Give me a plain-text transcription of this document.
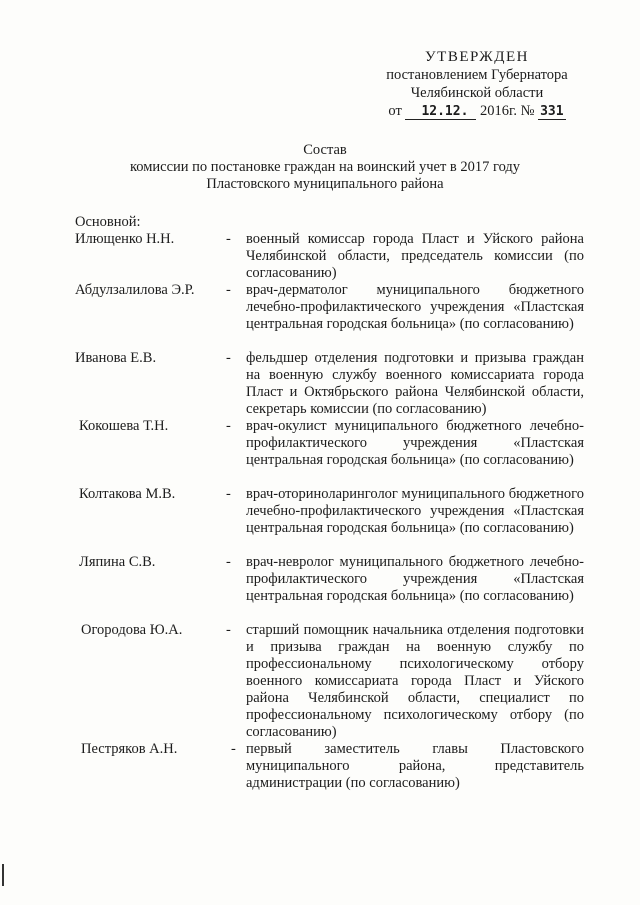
УТВЕРЖДЕН
постановлением Губернатора
Челябинской области
от 12.12. 2016г. № 331
Состав
комиссии по постановке граждан на воинский учет в 2017 году
Пластовского муниципального района
Основной:
Илющенко Н.Н.	- военный комиссар города Пласт и Уйского района Челябинской области, председатель комиссии (по согласованию)
Абдулзалилова Э.Р. - врач-дерматолог муниципального бюджетного лечебно-профилактического учреждения «Пластская центральная городская больница» (по согласованию)
Иванова Е.В.	- фельдшер отделения подготовки и призыва граждан на военную службу военного комиссариата города Пласт и Октябрьского района Челябинской области, секретарь комиссии (по согласованию)
Кокошева Т.Н.	- врач-окулист муниципального бюджетного лечебно-профилактического учреждения «Пластская центральная городская больница» (по согласованию)
Колтакова М.В.	- врач-оториноларинголог муниципального бюджетного лечебно-профилактического учреждения «Пластская центральная городская больница» (по согласованию)
Ляпина С.В.	- врач-невролог муниципального бюджетного лечебно-профилактического учреждения «Пластская центральная городская больница» (по согласованию)
Огородова Ю.А.	- старший помощник начальника отделения подготовки и призыва граждан на военную службу по профессиональному психологическому отбору военного комиссариата города Пласт и Уйского района Челябинской области, специалист по профессиональному психологическому отбору (по согласованию)
Пестряков А.Н.	- первый заместитель главы Пластовского муниципального района, представитель администрации (по согласованию)
